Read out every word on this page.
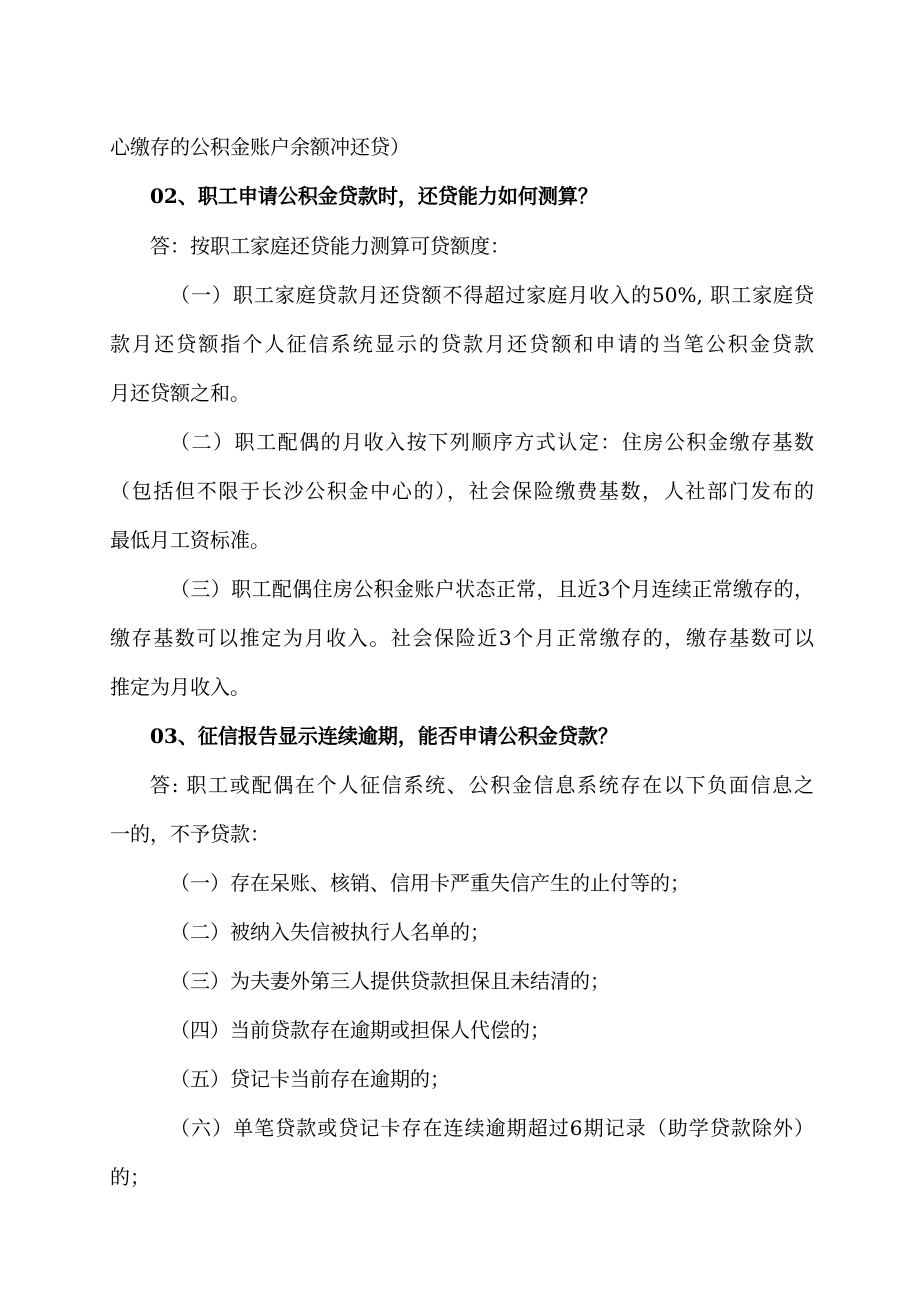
心缴存的公积金账户余额冲还贷）
02、职工申请公积金贷款时，还贷能力如何测算？
答：按职工家庭还贷能力测算可贷额度：
（一）职工家庭贷款月还贷额不得超过家庭月收入的50%, 职工家庭贷
款月还贷额指个人征信系统显示的贷款月还贷额和申请的当笔公积金贷款
月还贷额之和。
（二）职工配偶的月收入按下列顺序方式认定：住房公积金缴存基数
（包括但不限于长沙公积金中心的），社会保险缴费基数，人社部门发布的
最低月工资标准。
（三）职工配偶住房公积金账户状态正常，且近3个月连续正常缴存的，
缴存基数可以推定为月收入。社会保险近3个月正常缴存的，缴存基数可以
推定为月收入。
03、征信报告显示连续逾期，能否申请公积金贷款？
答: 职工或配偶在个人征信系统、公积金信息系统存在以下负面信息之
一的，不予贷款：
（一）存在呆账、核销、信用卡严重失信产生的止付等的；
（二）被纳入失信被执行人名单的；
（三）为夫妻外第三人提供贷款担保且未结清的；
（四）当前贷款存在逾期或担保人代偿的；
（五）贷记卡当前存在逾期的；
（六）单笔贷款或贷记卡存在连续逾期超过6期记录（助学贷款除外）
的；
